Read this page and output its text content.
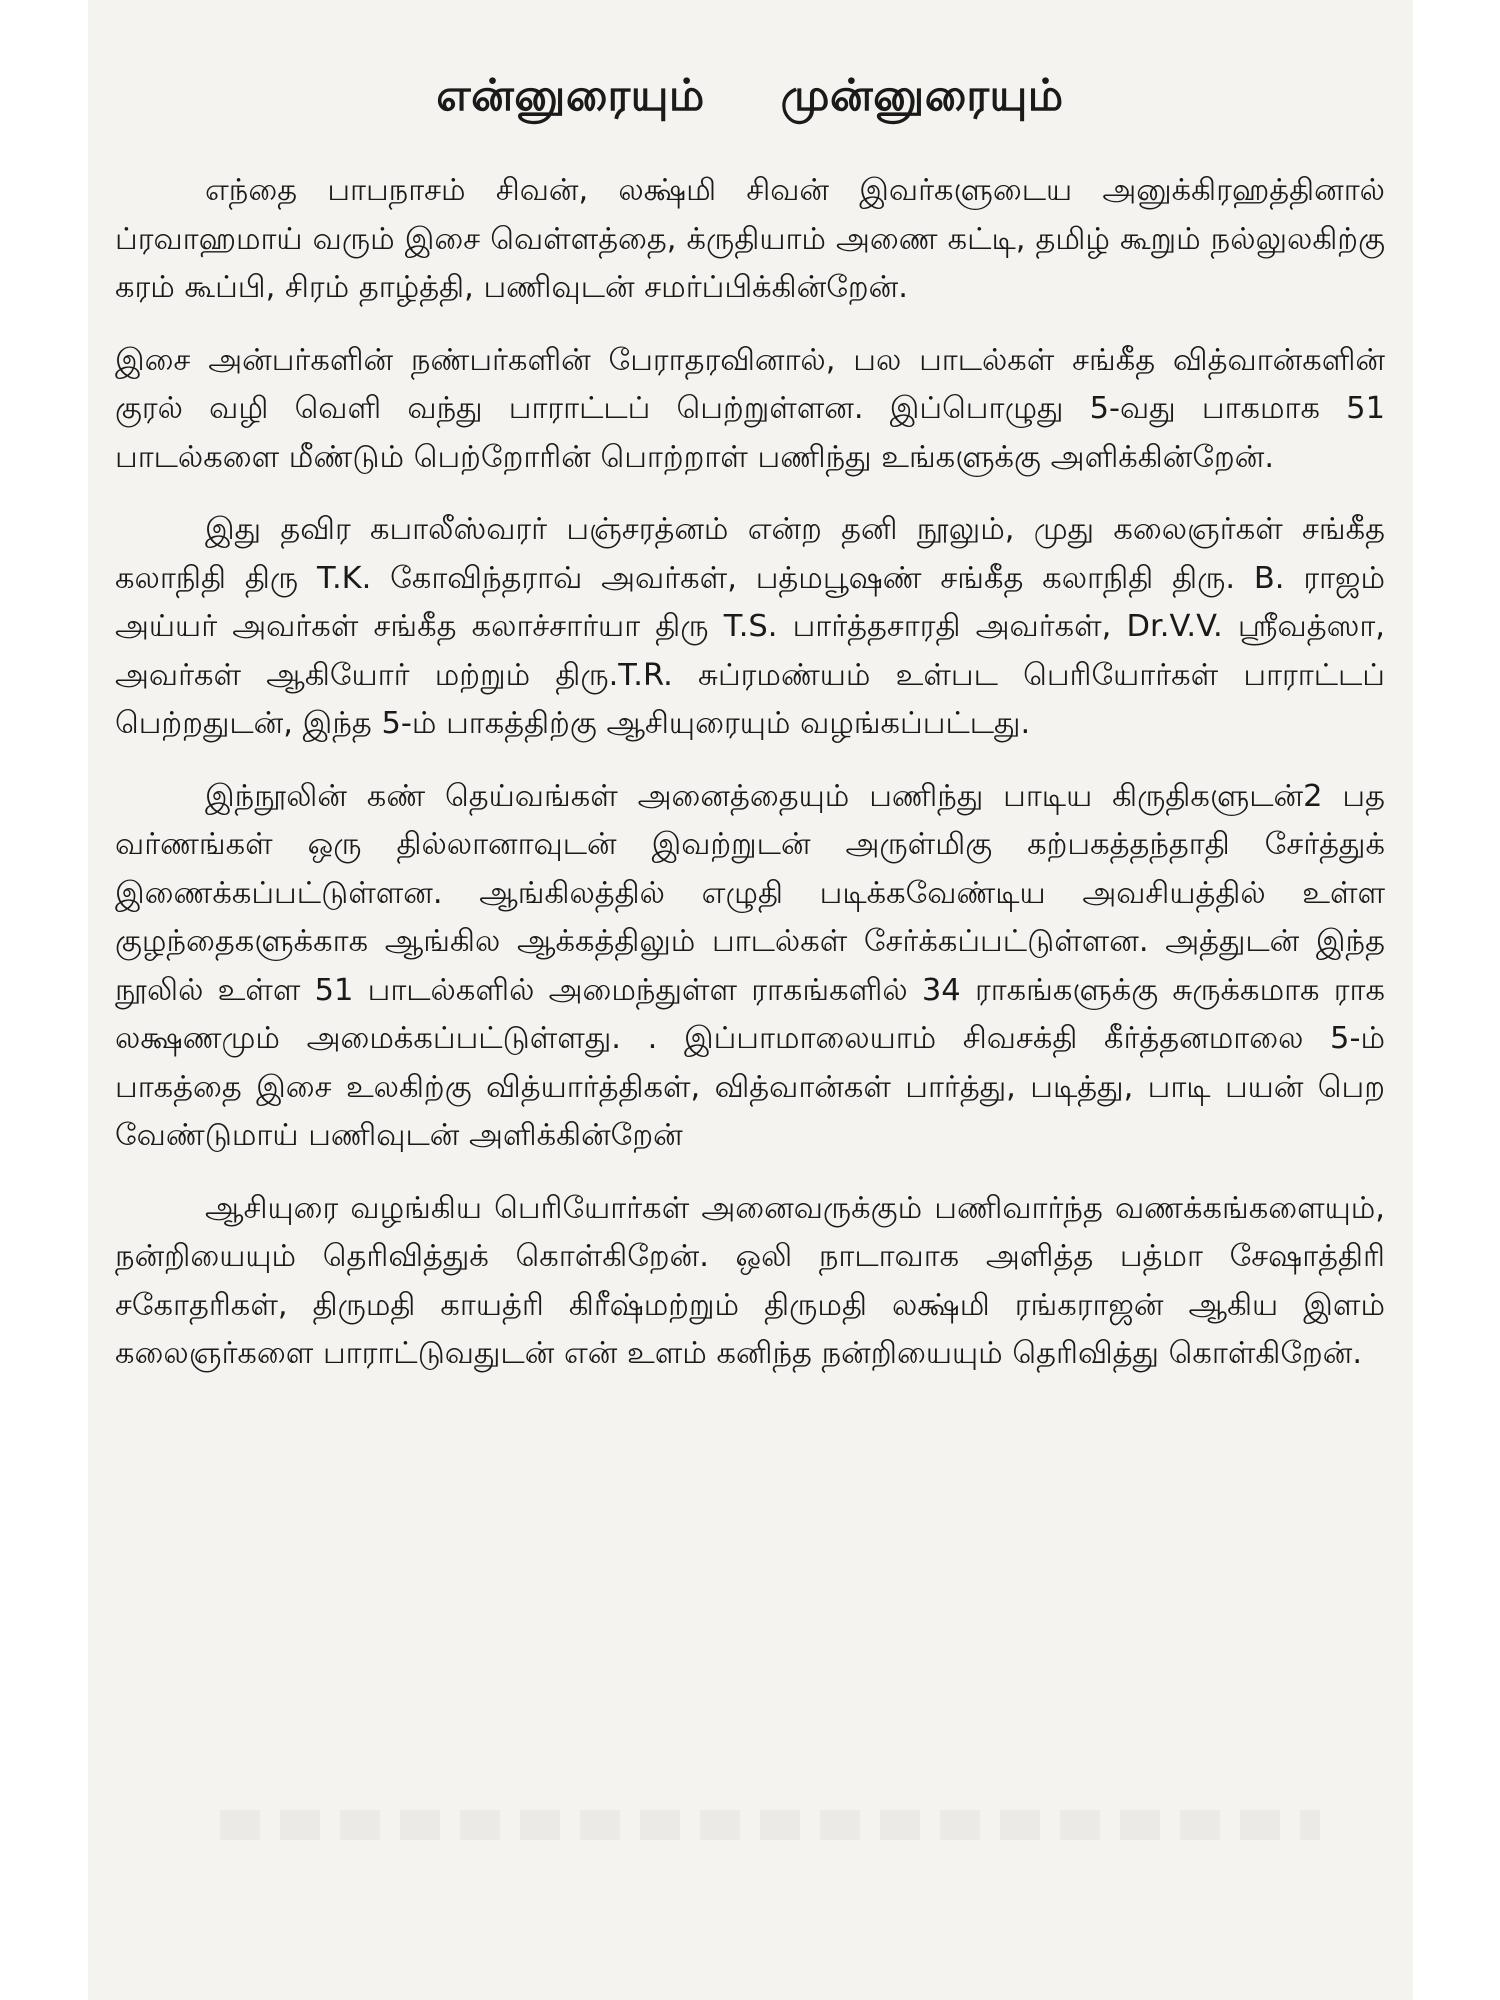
என்னுரையும் முன்னுரையும்

எந்தை பாபநாசம் சிவன், லக்ஷ்மி சிவன் இவர்களுடைய அனுக்கிரஹத்தினால் ப்ரவாஹமாய் வரும் இசை வெள்ளத்தை, க்ருதியாம் அணை கட்டி, தமிழ் கூறும் நல்லுலகிற்கு கரம் கூப்பி, சிரம் தாழ்த்தி, பணிவுடன் சமர்ப்பிக்கின்றேன்.

இசை அன்பர்களின் நண்பர்களின் பேராதரவினால், பல பாடல்கள் சங்கீத வித்வான்களின் குரல் வழி வெளி வந்து பாராட்டப் பெற்றுள்ளன. இப்பொழுது 5-வது பாகமாக 51 பாடல்களை மீண்டும் பெற்றோரின் பொற்றாள் பணிந்து உங்களுக்கு அளிக்கின்றேன்.

இது தவிர கபாலீஸ்வரர் பஞ்சரத்னம் என்ற தனி நூலும், முது கலைஞர்கள் சங்கீத கலாநிதி திரு T.K. கோவிந்தராவ் அவர்கள், பத்மபூஷண் சங்கீத கலாநிதி திரு. B. ராஜம் அய்யர் அவர்கள் சங்கீத கலாச்சார்யா திரு T.S. பார்த்தசாரதி அவர்கள், Dr.V.V. ஸ்ரீவத்ஸா, அவர்கள் ஆகியோர் மற்றும் திரு.T.R. சுப்ரமண்யம் உள்பட பெரியோர்கள் பாராட்டப் பெற்றதுடன், இந்த 5-ம் பாகத்திற்கு ஆசியுரையும் வழங்கப்பட்டது.

இந்நூலின் கண் தெய்வங்கள் அனைத்தையும் பணிந்து பாடிய கிருதிகளுடன்2 பத வர்ணங்கள் ஒரு தில்லானாவுடன் இவற்றுடன் அருள்மிகு கற்பகத்தந்தாதி சேர்த்துக் இணைக்கப்பட்டுள்ளன. ஆங்கிலத்தில் எழுதி படிக்கவேண்டிய அவசியத்தில் உள்ள குழந்தைகளுக்காக ஆங்கில ஆக்கத்திலும் பாடல்கள் சேர்க்கப்பட்டுள்ளன. அத்துடன் இந்த நூலில் உள்ள 51 பாடல்களில் அமைந்துள்ள ராகங்களில் 34 ராகங்களுக்கு சுருக்கமாக ராக லக்ஷணமும் அமைக்கப்பட்டுள்ளது. . இப்பாமாலையாம் சிவசக்தி கீர்த்தனமாலை 5-ம் பாகத்தை இசை உலகிற்கு வித்யார்த்திகள், வித்வான்கள் பார்த்து, படித்து, பாடி பயன் பெற வேண்டுமாய் பணிவுடன் அளிக்கின்றேன்

ஆசியுரை வழங்கிய பெரியோர்கள் அனைவருக்கும் பணிவார்ந்த வணக்கங்களையும், நன்றியையும் தெரிவித்துக் கொள்கிறேன். ஒலி நாடாவாக அளித்த பத்மா சேஷாத்திரி சகோதரிகள், திருமதி காயத்ரி கிரீஷ்மற்றும் திருமதி லக்ஷ்மி ரங்கராஜன் ஆகிய இளம் கலைஞர்களை பாராட்டுவதுடன் என் உளம் கனிந்த நன்றியையும் தெரிவித்து கொள்கிறேன்.
